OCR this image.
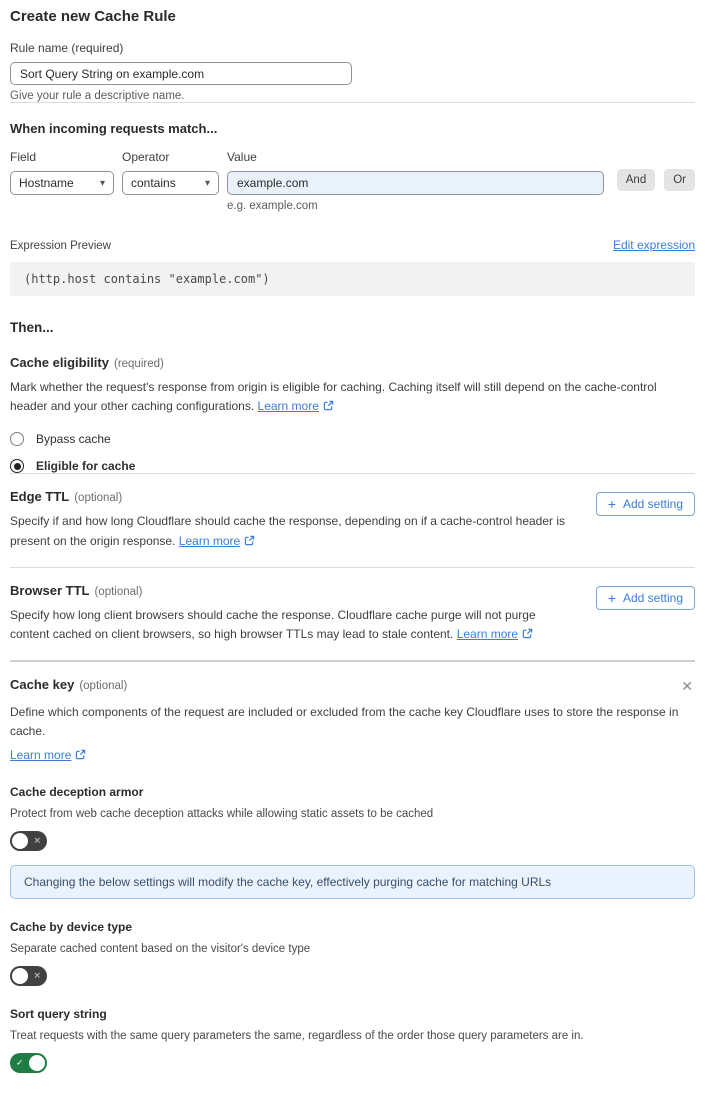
Create new Cache Rule
Rule name (required)
Sort Query String on example.com
Give your rule a descriptive name.
When incoming requests match...
Field
Hostname	▾
Operator
contains	▾
Value
example.com
e.g. example.com
And	Or
Expression Preview	Edit expression
(http.host contains "example.com")
Then...
Cache eligibility (required)
Mark whether the request's response from origin is eligible for caching. Caching itself will still depend on the cache-control header and your other caching configurations. Learn more
Bypass cache
Eligible for cache
Edge TTL (optional)
Specify if and how long Cloudflare should cache the response, depending on if a cache-control header is present on the origin response. Learn more
+ Add setting
Browser TTL (optional)
Specify how long client browsers should cache the response. Cloudflare cache purge will not purge content cached on client browsers, so high browser TTLs may lead to stale content. Learn more
+ Add setting
Cache key (optional)	✕
Define which components of the request are included or excluded from the cache key Cloudflare uses to store the response in cache.
Learn more
Cache deception armor
Protect from web cache deception attacks while allowing static assets to be cached
✕
Changing the below settings will modify the cache key, effectively purging cache for matching URLs
Cache by device type
Separate cached content based on the visitor's device type
✕
Sort query string
Treat requests with the same query parameters the same, regardless of the order those query parameters are in.
✓
